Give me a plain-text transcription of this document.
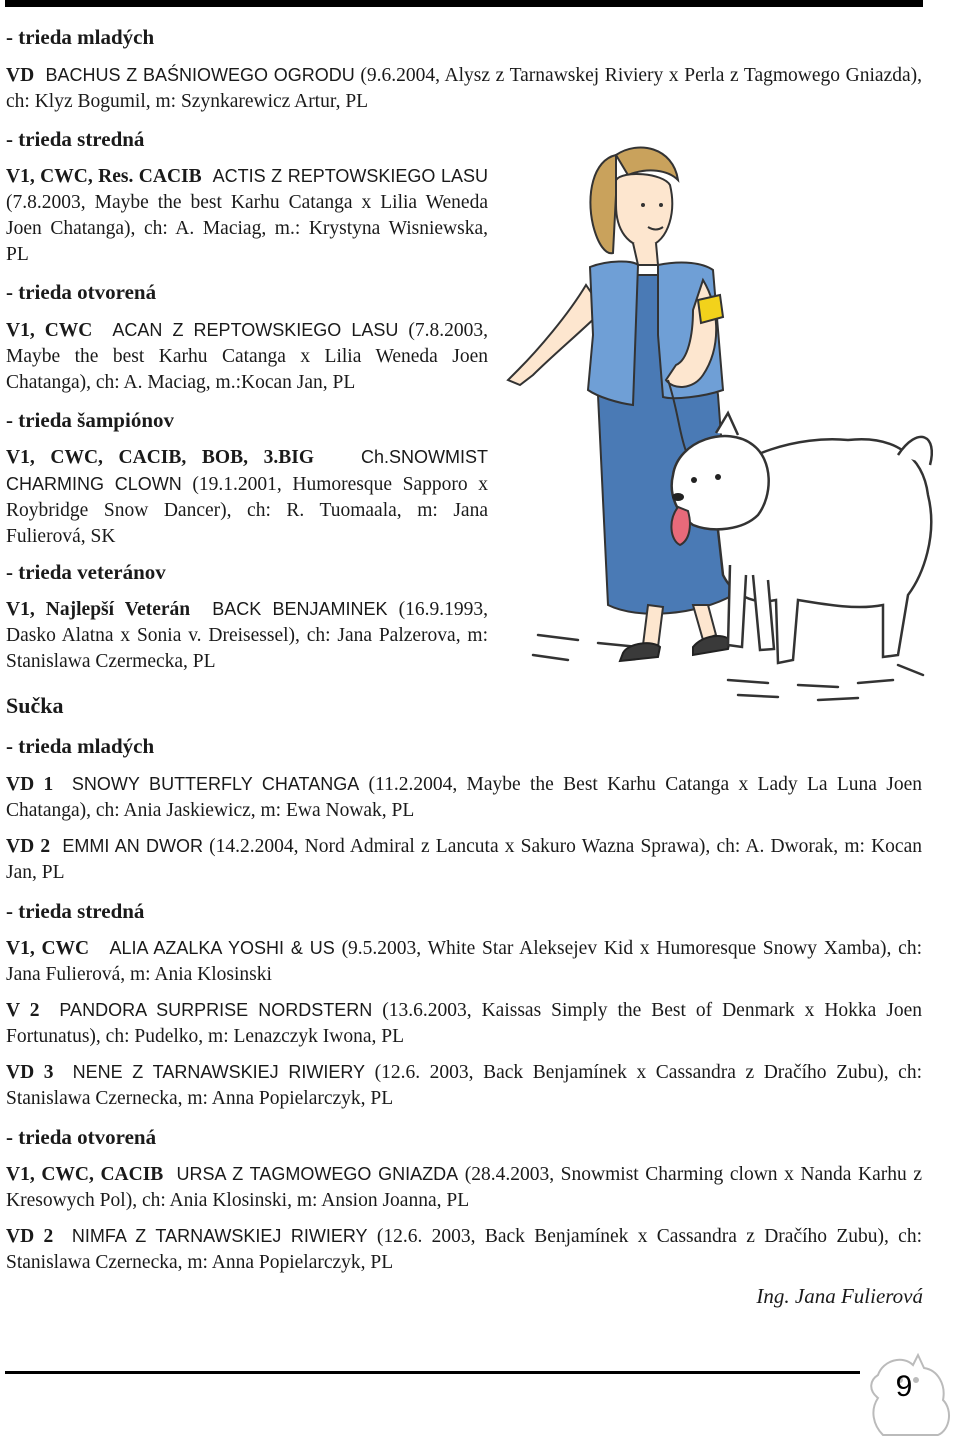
- trieda mladých
VD BACHUS Z BAŚNIOWEGO OGRODU (9.6.2004, Alysz z Tarnawskej Riviery x Perla z Tagmowego Gniazda), ch: Klyz Bogumil, m: Szynkarewicz Artur, PL
- trieda stredná
V1, CWC, Res. CACIB ACTIS Z REPTOWSKIEGO LASU (7.8.2003, Maybe the best Karhu Catanga x Lilia Weneda Joen Chatanga), ch: A. Maciag, m.: Krystyna Wisniewska, PL
- trieda otvorená
V1, CWC ACAN Z REPTOWSKIEGO LASU (7.8.2003, Maybe the best Karhu Catanga x Lilia Weneda Joen Chatanga), ch: A. Maciag, m.:Kocan Jan, PL
- trieda šampiónov
V1, CWC, CACIB, BOB, 3.BIG	Ch.SNOWMIST CHARMING CLOWN (19.1.2001, Humoresque Sapporo x Roybridge Snow Dancer), ch: R. Tuomaala, m: Jana Fulierová, SK
- trieda veteránov
V1, Najlepší Veterán BACK BENJAMINEK (16.9.1993, Dasko Alatna x Sonia v. Dreisessel), ch: Jana Palzerova, m: Stanislawa Czermecka, PL
Sučka
- trieda mladých
VD 1 SNOWY BUTTERFLY CHATANGA (11.2.2004, Maybe the Best Karhu Catanga x Lady La Luna Joen Chatanga), ch: Ania Jaskiewicz, m: Ewa Nowak, PL
VD 2 EMMI AN DWOR (14.2.2004, Nord Admiral z Lancuta x Sakuro Wazna Sprawa), ch: A. Dworak, m: Kocan Jan, PL
- trieda stredná
V1, CWC ALIA AZALKA YOSHI & US (9.5.2003, White Star Aleksejev Kid x Humoresque Snowy Xamba), ch: Jana Fulierová, m: Ania Klosinski
V 2 PANDORA SURPRISE NORDSTERN (13.6.2003, Kaissas Simply the Best of Denmark x Hokka Joen Fortunatus), ch: Pudelko, m: Lenazczyk Iwona, PL
VD 3 NENE Z TARNAWSKIEJ RIWIERY (12.6. 2003, Back Benjamínek x Cassandra z Dračího Zubu), ch: Stanislawa Czernecka, m: Anna Popielarczyk, PL
- trieda otvorená
V1, CWC, CACIB URSA Z TAGMOWEGO GNIAZDA (28.4.2003, Snowmist Charming clown x Nanda Karhu z Kresowych Pol), ch: Ania Klosinski, m: Ansion Joanna, PL
VD 2 NIMFA Z TARNAWSKIEJ RIWIERY (12.6. 2003, Back Benjamínek x Cassandra z Dračího Zubu), ch: Stanislawa Czernecka, m: Anna Popielarczyk, PL
Ing. Jana Fulierová
9
